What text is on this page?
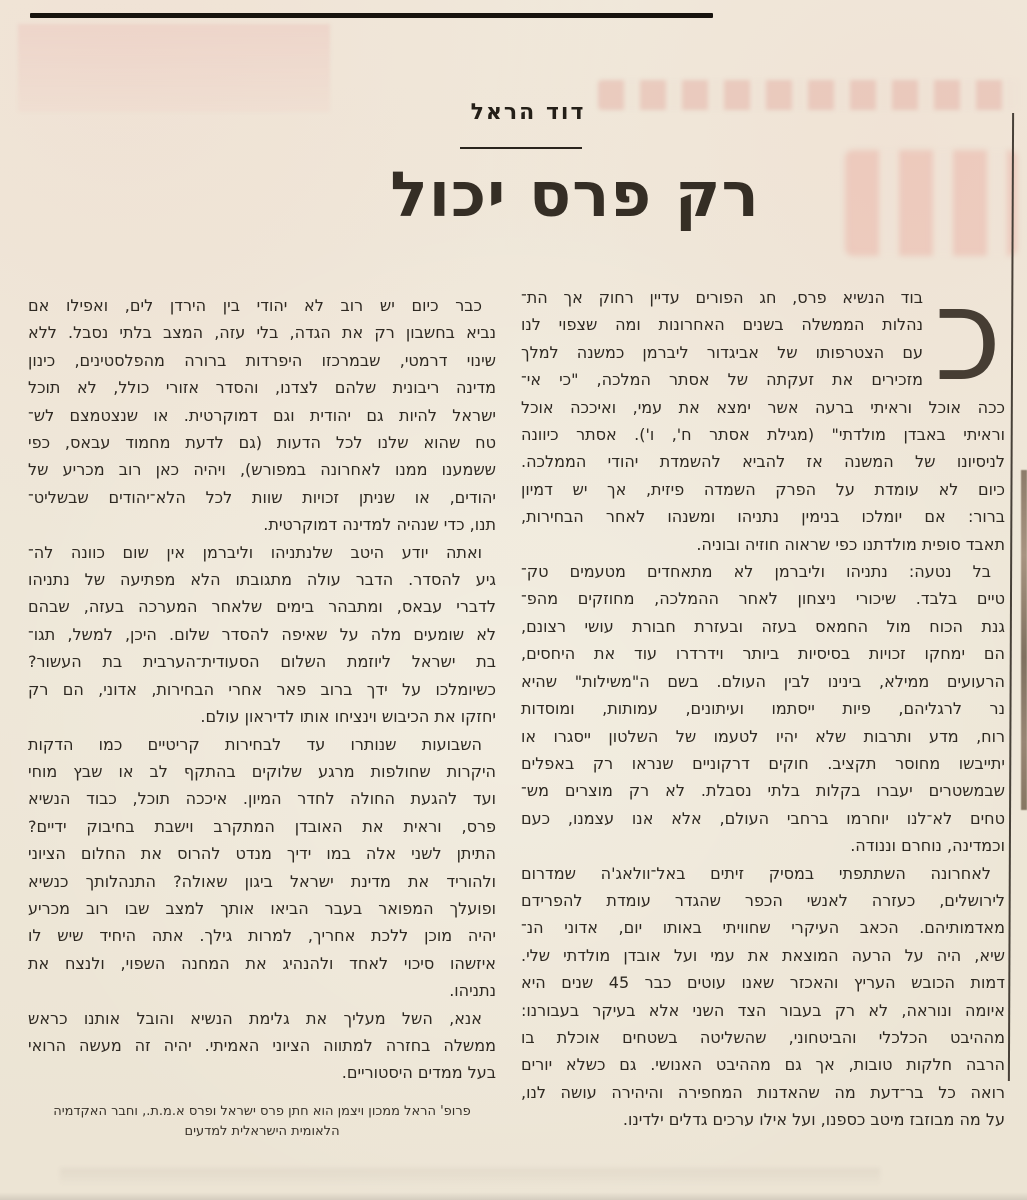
דוד הראל
רק פרס יכול
כ
בוד הנשיא פרס, חג הפורים עדיין רחוק אך הת־
נהלות הממשלה בשנים האחרונות ומה שצפוי לנו
עם הצטרפותו של אביגדור ליברמן כמשנה למלך
מזכירים את זעקתה של אסתר המלכה, "כי אי־
ככה אוכל וראיתי ברעה אשר ימצא את עמי, ואיככה אוכל
וראיתי באבדן מולדתי" (מגילת אסתר ח', ו'). אסתר כיוונה
לניסיונו של המשנה אז להביא להשמדת יהודי הממלכה.
כיום לא עומדת על הפרק השמדה פיזית, אך יש דמיון
ברור: אם יומלכו בנימין נתניהו ומשנהו לאחר הבחירות,
תאבד סופית מולדתנו כפי שראוה חוזיה ובוניה.
בל נטעה: נתניהו וליברמן לא מתאחדים מטעמים טק־
טיים בלבד. שיכורי ניצחון לאחר ההמלכה, מחוזקים מהפ־
גנת הכוח מול החמאס בעזה ובעזרת חבורת עושי רצונם,
הם ימחקו זכויות בסיסיות ביותר וידרדרו עוד את היחסים,
הרעועים ממילא, בינינו לבין העולם. בשם ה"משילות" שהיא
נר לרגליהם, פיות ייסתמו ועיתונים, עמותות, ומוסדות
רוח, מדע ותרבות שלא יהיו לטעמו של השלטון ייסגרו או
יתייבשו מחוסר תקציב. חוקים דרקוניים שנראו רק באפלים
שבמשטרים יעברו בקלות בלתי נסבלת. לא רק מוצרים מש־
טחים לא־לנו יוחרמו ברחבי העולם, אלא אנו עצמנו, כעם
וכמדינה, נוחרם וננודה.
לאחרונה השתתפתי במסיק זיתים באל־וולאג'ה שמדרום
לירושלים, כעזרה לאנשי הכפר שהגדר עומדת להפרידם
מאדמותיהם. הכאב העיקרי שחוויתי באותו יום, אדוני הנ־
שיא, היה על הרעה המוצאת את עמי ועל אובדן מולדתי שלי.
דמות הכובש העריץ והאכזר שאנו עוטים כבר 45 שנים היא
איומה ונוראה, לא רק בעבור הצד השני אלא בעיקר בעבורנו:
מההיבט הכלכלי והביטחוני, שהשליטה בשטחים אוכלת בו
הרבה חלקות טובות, אך גם מההיבט האנושי. גם כשלא יורים
רואה כל בר־דעת מה שהאדנות המחפירה והיהירה עושה לנו,
על מה מבוזבז מיטב כספנו, ועל אילו ערכים גדלים ילדינו.
כבר כיום יש רוב לא יהודי בין הירדן לים, ואפילו אם
נביא בחשבון רק את הגדה, בלי עזה, המצב בלתי נסבל. ללא
שינוי דרמטי, שבמרכזו היפרדות ברורה מהפלסטינים, כינון
מדינה ריבונית שלהם לצדנו, והסדר אזורי כולל, לא תוכל
ישראל להיות גם יהודית וגם דמוקרטית. או שנצטמצם לש־
טח שהוא שלנו לכל הדעות (גם לדעת מחמוד עבאס, כפי
ששמענו ממנו לאחרונה במפורש), ויהיה כאן רוב מכריע של
יהודים, או שניתן זכויות שוות לכל הלא־יהודים שבשליט־
תנו, כדי שנהיה למדינה דמוקרטית.
ואתה יודע היטב שלנתניהו וליברמן אין שום כוונה לה־
גיע להסדר. הדבר עולה מתגובתו הלא מפתיעה של נתניהו
לדברי עבאס, ומתבהר בימים שלאחר המערכה בעזה, שבהם
לא שומעים מלה על שאיפה להסדר שלום. היכן, למשל, תגו־
בת ישראל ליוזמת השלום הסעודית־הערבית בת העשור?
כשיומלכו על ידך ברוב פאר אחרי הבחירות, אדוני, הם רק
יחזקו את הכיבוש וינציחו אותו לדיראון עולם.
השבועות שנותרו עד לבחירות קריטיים כמו הדקות
היקרות שחולפות מרגע שלוקים בהתקף לב או שבץ מוחי
ועד להגעת החולה לחדר המיון. איככה תוכל, כבוד הנשיא
פרס, וראית את האובדן המתקרב וישבת בחיבוק ידיים?
התיתן לשני אלה במו ידיך מנדט להרוס את החלום הציוני
ולהוריד את מדינת ישראל ביגון שאולה? התנהלותך כנשיא
ופועלך המפואר בעבר הביאו אותך למצב שבו רוב מכריע
יהיה מוכן ללכת אחריך, למרות גילך. אתה היחיד שיש לו
איזשהו סיכוי לאחד ולהנהיג את המחנה השפוי, ולנצח את
נתניהו.
אנא, השל מעליך את גלימת הנשיא והובל אותנו כראש
ממשלה בחזרה למתווה הציוני האמיתי. יהיה זה מעשה הרואי
בעל ממדים היסטוריים.
פרופ' הראל ממכון ויצמן הוא חתן פרס ישראל ופרס א.מ.ת., וחבר האקדמיה
הלאומית הישראלית למדעים
